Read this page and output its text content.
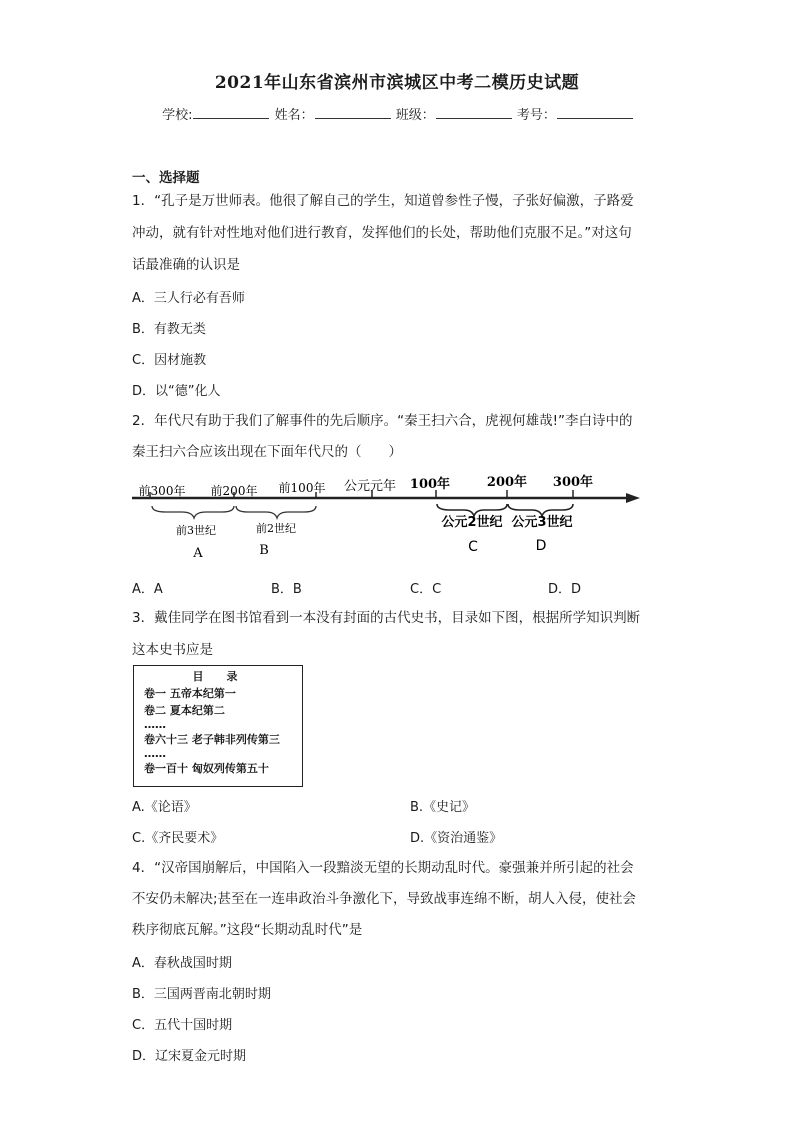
2021年山东省滨州市滨城区中考二模历史试题
学校:	姓名：	班级：	考号：
一、选择题
1．“孔子是万世师表。他很了解自己的学生，知道曾参性子慢，子张好偏激，子路爱
冲动，就有针对性地对他们进行教育，发挥他们的长处，帮助他们克服不足。”对这句
话最准确的认识是
A．三人行必有吾师
B．有教无类
C．因材施教
D．以“德”化人
2．年代尺有助于我们了解事件的先后顺序。“秦王扫六合，虎视何雄哉!”李白诗中的
秦王扫六合应该出现在下面年代尺的（　　）
前300年 前200年 前100年 公元元年 100年	200年 300年
前3世纪	前2世纪	公元2世纪 公元3世纪
A	B	C	D
A．A	B．B	C．C	D．D
3．戴佳同学在图书馆看到一本没有封面的古代史书，目录如下图，根据所学知识判断
这本史书应是
目　录
卷一 五帝本纪第一
卷二 夏本纪第二
……
卷六十三 老子韩非列传第三
……
卷一百十 匈奴列传第五十
A.《论语》	B.《史记》
C.《齐民要术》	D.《资治通鉴》
4．“汉帝国崩解后，中国陷入一段黯淡无望的长期动乱时代。豪强兼并所引起的社会
不安仍未解决;甚至在一连串政治斗争激化下，导致战事连绵不断，胡人入侵，使社会
秩序彻底瓦解。”这段“长期动乱时代”是
A．春秋战国时期
B．三国两晋南北朝时期
C．五代十国时期
D．辽宋夏金元时期
